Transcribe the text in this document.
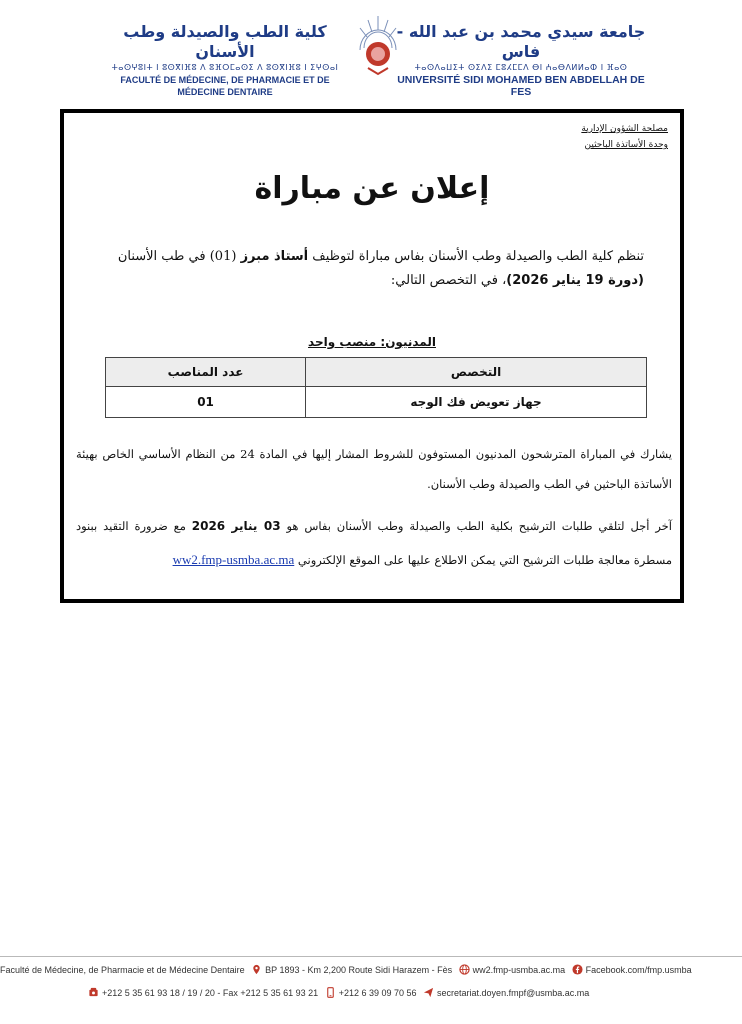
جامعة سيدي محمد بن عبد الله - فاس
ⵜⴰⵙⴷⴰⵡⵉⵜ ⵙⵉⴷⵉ ⵎⵓⵃⵎⵎⴷ ⴱⵏ ⵄⴰⴱⴷⵍⵍⴰⵀ ⵏ ⴼⴰⵙ
UNIVERSITÉ SIDI MOHAMED BEN ABDELLAH DE FES
كلية الطب والصيدلة وطب الأسنان
ⵜⴰⵙⵖⵓⵏⵜ ⵏ ⵓⵙⴳⵏⴼⵓ ⴷ ⵓⴼⵔⵎⴰⵙⵉ ⴷ ⵓⵙⴳⵏⴼⵓ ⵏ ⵉⵖⵙⴰⵏ
FACULTÉ DE MÉDECINE, DE PHARMACIE ET DE MÉDECINE DENTAIRE
مصلحة الشؤون الإدارية
وحدة الأساتذة الباحثين
إعلان عن مباراة
تنظم كلية الطب والصيدلة وطب الأسنان بفاس مباراة لتوظيف أستاذ مبرز (01) في طب الأسنان (دورة 19 يناير 2026)، في التخصص التالي:
المدنيون: منصب واحد
التخصص	عدد المناصب
جهاز تعويض فك الوجه	01
يشارك في المباراة المترشحون المدنيون المستوفون للشروط المشار إليها في المادة 24 من النظام الأساسي الخاص بهيئة الأساتذة الباحثين في الطب والصيدلة وطب الأسنان.
آخر أجل لتلقي طلبات الترشيح بكلية الطب والصيدلة وطب الأسنان بفاس هو 03 يناير 2026 مع ضرورة التقيد ببنود مسطرة معالجة طلبات الترشيح التي يمكن الاطلاع عليها على الموقع الإلكتروني ww2.fmp-usmba.ac.ma
Faculté de Médecine, de Pharmacie et de Médecine Dentaire BP 1893 - Km 2,200 Route Sidi Harazem - Fès ww2.fmp-usmba.ac.ma Facebook.com/fmp.usmba
+212 5 35 61 93 18 / 19 / 20 - Fax +212 5 35 61 93 21 +212 6 39 09 70 56 secretariat.doyen.fmpf@usmba.ac.ma
